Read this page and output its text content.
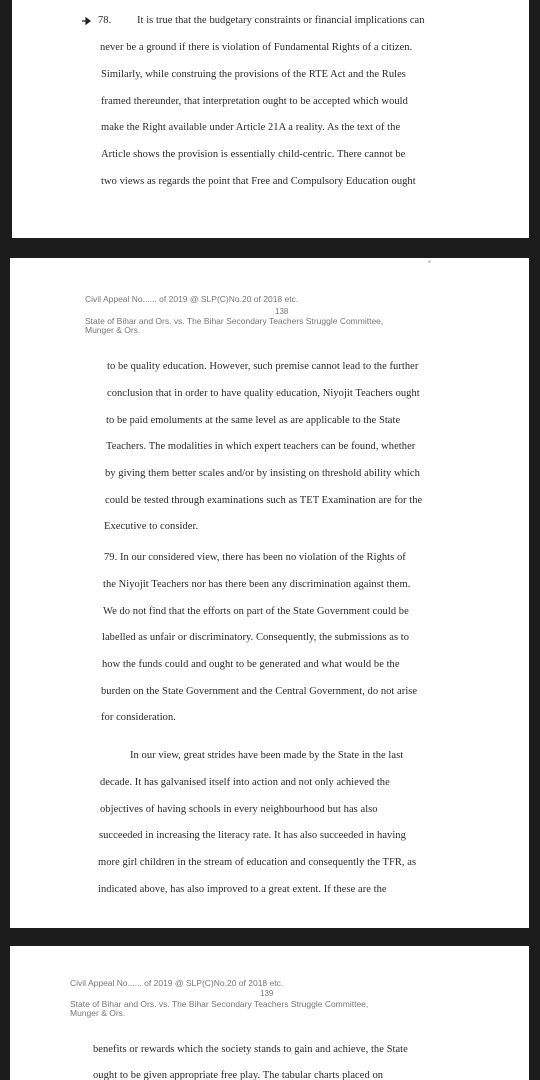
78. It is true that the budgetary constraints or financial implications can

never be a ground if there is violation of Fundamental Rights of a citizen.

Similarly, while construing the provisions of the RTE Act and the Rules

framed thereunder, that interpretation ought to be accepted which would

make the Right available under Article 21A a reality. As the text of the

Article shows the provision is essentially child-centric. There cannot be

two views as regards the point that Free and Compulsory Education ought

Civil Appeal No...... of 2019 @ SLP(C)No.20 of 2018 etc.

138

State of Bihar and Ors. vs. The Bihar Secondary Teachers Struggle Committee,

Munger & Ors.

to be quality education. However, such premise cannot lead to the further

conclusion that in order to have quality education, Niyojit Teachers ought

to be paid emoluments at the same level as are applicable to the State

Teachers. The modalities in which expert teachers can be found, whether

by giving them better scales and/or by insisting on threshold ability which

could be tested through examinations such as TET Examination are for the

Executive to consider.

79. In our considered view, there has been no violation of the Rights of

the Niyojit Teachers nor has there been any discrimination against them.

We do not find that the efforts on part of the State Government could be

labelled as unfair or discriminatory. Consequently, the submissions as to

how the funds could and ought to be generated and what would be the

burden on the State Government and the Central Government, do not arise

for consideration.

In our view, great strides have been made by the State in the last

decade. It has galvanised itself into action and not only achieved the

objectives of having schools in every neighbourhood but has also

succeeded in increasing the literacy rate. It has also succeeded in having

more girl children in the stream of education and consequently the TFR, as

indicated above, has also improved to a great extent. If these are the

Civil Appeal No...... of 2019 @ SLP(C)No.20 of 2018 etc.

139

State of Bihar and Ors. vs. The Bihar Secondary Teachers Struggle Committee,

Munger & Ors.

benefits or rewards which the society stands to gain and achieve, the State

ought to be given appropriate free play. The tabular charts placed on
